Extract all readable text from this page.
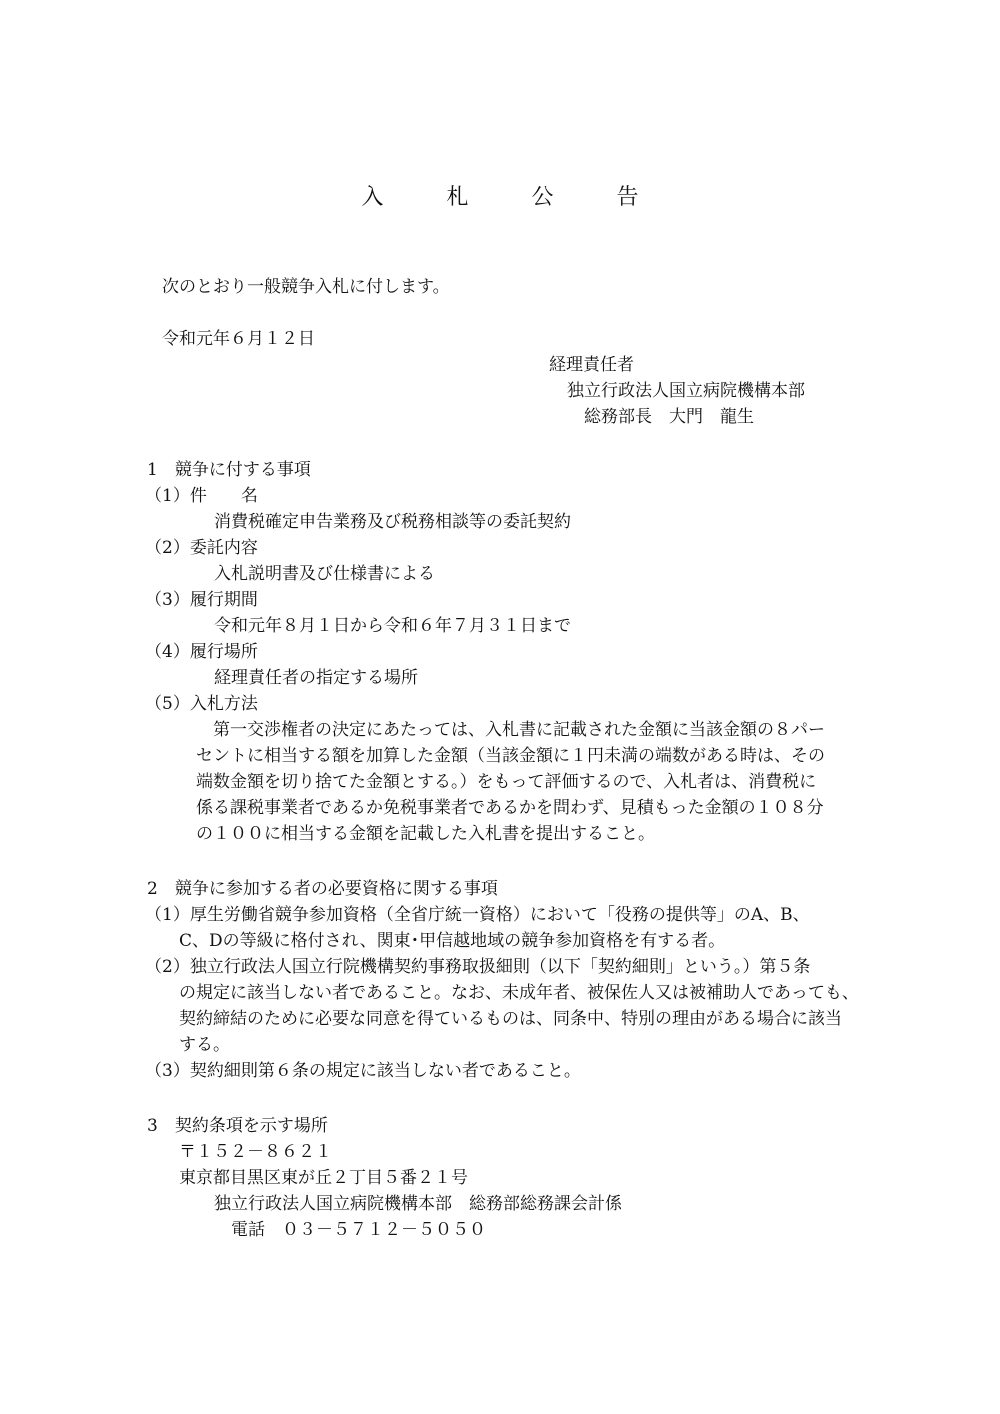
入 札 公 告
次のとおり一般競争入札に付します。
令和元年６月１２日
経理責任者
独立行政法人国立病院機構本部
総務部長　大門　龍生
1　競争に付する事項
（1）件　　名
消費税確定申告業務及び税務相談等の委託契約
（2）委託内容
入札説明書及び仕様書による
（3）履行期間
令和元年８月１日から令和６年７月３１日まで
（4）履行場所
経理責任者の指定する場所
（5）入札方法
　第一交渉権者の決定にあたっては、入札書に記載された金額に当該金額の８パー
セントに相当する額を加算した金額（当該金額に１円未満の端数がある時は、その
端数金額を切り捨てた金額とする。）をもって評価するので、入札者は、消費税に
係る課税事業者であるか免税事業者であるかを問わず、見積もった金額の１０８分
の１００に相当する金額を記載した入札書を提出すること。
2　競争に参加する者の必要資格に関する事項
（1）厚生労働省競争参加資格（全省庁統一資格）において「役務の提供等」のA、B、
　　C、Dの等級に格付され、関東･甲信越地域の競争参加資格を有する者。
（2）独立行政法人国立行院機構契約事務取扱細則（以下「契約細則」という。）第５条
　　の規定に該当しない者であること。なお、未成年者、被保佐人又は被補助人であっても、
　　契約締結のために必要な同意を得ているものは、同条中、特別の理由がある場合に該当
　　する。
（3）契約細則第６条の規定に該当しない者であること。
3　契約条項を示す場所
〒１５２－８６２１
東京都目黒区東が丘２丁目５番２１号
独立行政法人国立病院機構本部　総務部総務課会計係
電話　０３－５７１２－５０５０
